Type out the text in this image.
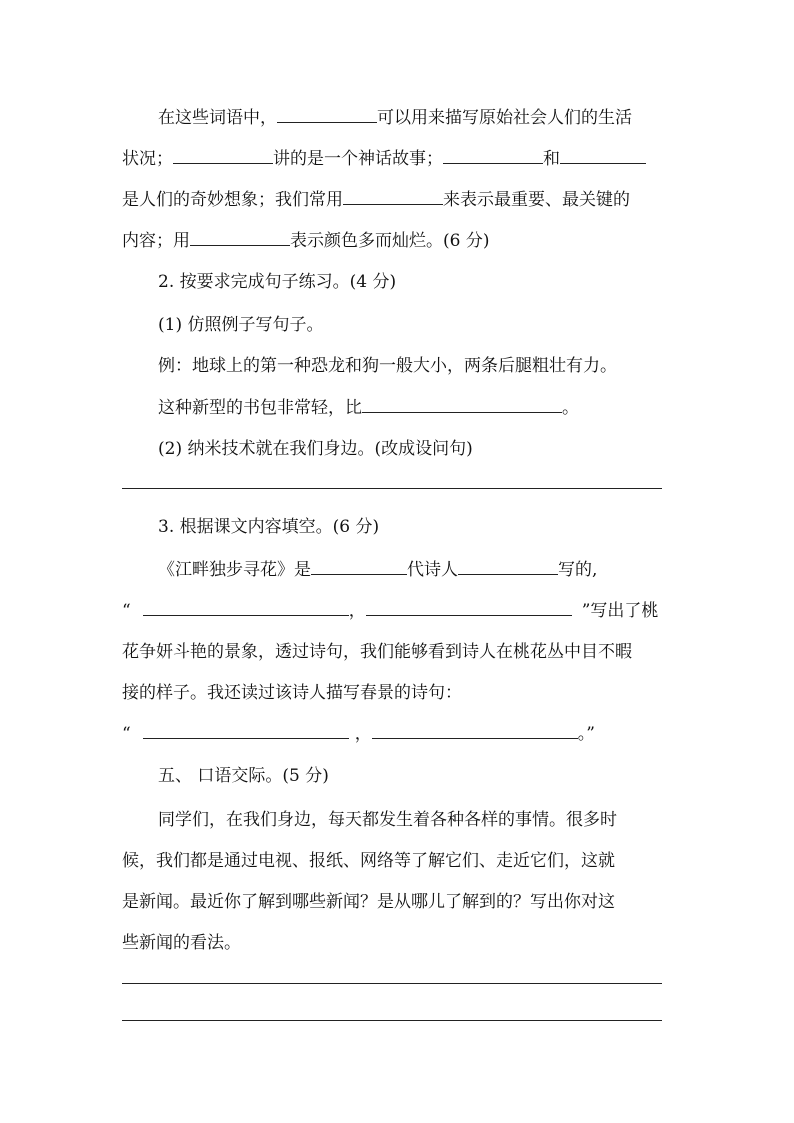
在这些词语中，	可以用来描写原始社会人们的生活
状况；	讲的是一个神话故事；	和
是人们的奇妙想象；我们常用	来表示最重要、最关键的
内容；用	表示颜色多而灿烂。(6 分)
2. 按要求完成句子练习。(4 分)
(1) 仿照例子写句子。
例：地球上的第一种恐龙和狗一般大小，两条后腿粗壮有力。
这种新型的书包非常轻，比	。
(2) 纳米技术就在我们身边。(改成设问句)
3. 根据课文内容填空。(6 分)
《江畔独步寻花》是	代诗人	写的,
“	，	”写出了桃
花争妍斗艳的景象，透过诗句，我们能够看到诗人在桃花丛中目不暇
接的样子。我还读过该诗人描写春景的诗句：
“	，	。”
五、 口语交际。(5 分)
同学们，在我们身边，每天都发生着各种各样的事情。很多时
候，我们都是通过电视、报纸、网络等了解它们、走近它们，这就
是新闻。最近你了解到哪些新闻？是从哪儿了解到的？写出你对这
些新闻的看法。
